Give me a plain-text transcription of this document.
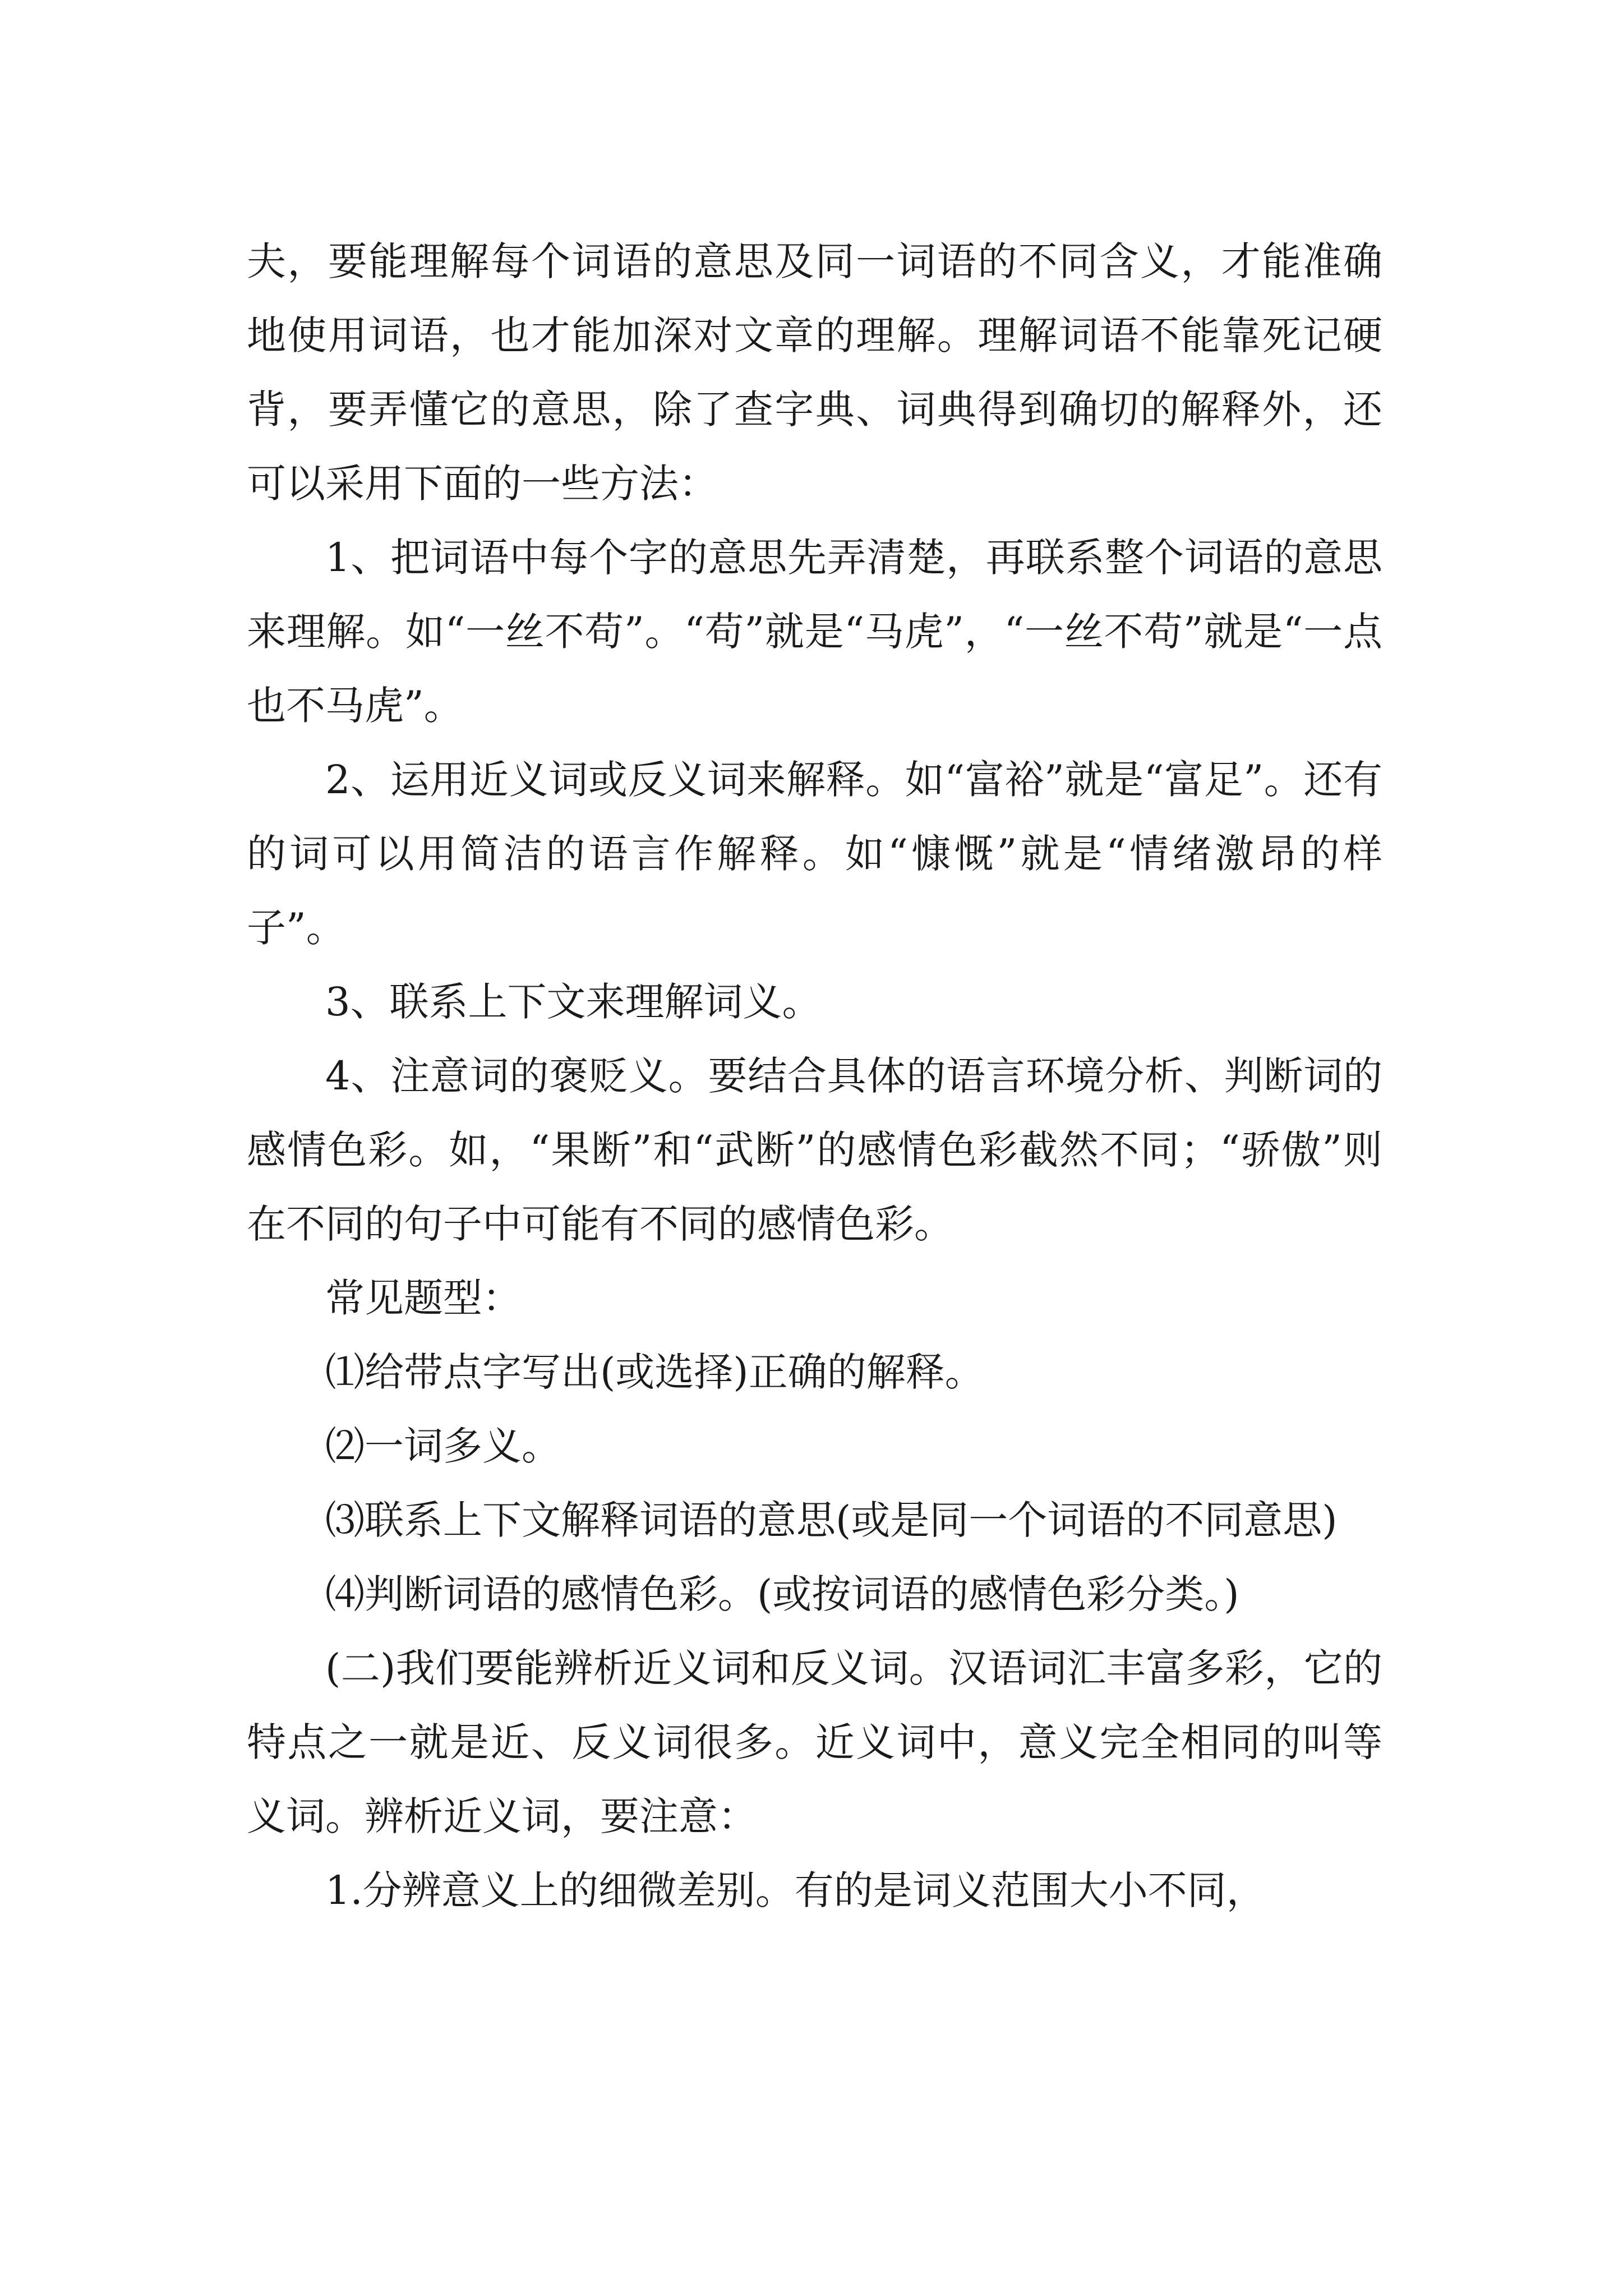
夫，要能理解每个词语的意思及同一词语的不同含义，才能准确地使用词语，也才能加深对文章的理解。理解词语不能靠死记硬背，要弄懂它的意思，除了查字典、词典得到确切的解释外，还可以采用下面的一些方法：

1、把词语中每个字的意思先弄清楚，再联系整个词语的意思来理解。如“一丝不苟”。“苟”就是“马虎”，“一丝不苟”就是“一点也不马虎”。

2、运用近义词或反义词来解释。如“富裕”就是“富足”。还有的词可以用简洁的语言作解释。如“慷慨”就是“情绪激昂的样子”。

3、联系上下文来理解词义。

4、注意词的褒贬义。要结合具体的语言环境分析、判断词的感情色彩。如，“果断”和“武断”的感情色彩截然不同；“骄傲”则在不同的句子中可能有不同的感情色彩。

常见题型：

⑴给带点字写出(或选择)正确的解释。

⑵一词多义。

⑶联系上下文解释词语的意思(或是同一个词语的不同意思)

⑷判断词语的感情色彩。(或按词语的感情色彩分类。)

(二)我们要能辨析近义词和反义词。汉语词汇丰富多彩，它的特点之一就是近、反义词很多。近义词中，意义完全相同的叫等义词。辨析近义词，要注意：

1.分辨意义上的细微差别。有的是词义范围大小不同，
